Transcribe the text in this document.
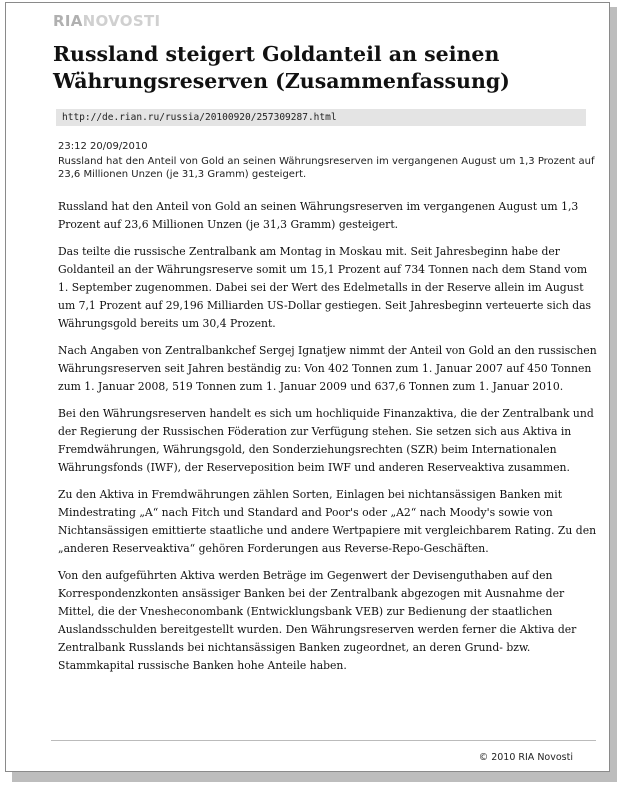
RIANOVOSTI
Russland steigert Goldanteil an seinen Währungsreserven (Zusammenfassung)
http://de.rian.ru/russia/20100920/257309287.html
23:12 20/09/2010

Russland hat den Anteil von Gold an seinen Währungsreserven im vergangenen August um 1,3 Prozent auf 23,6 Millionen Unzen (je 31,3 Gramm) gesteigert.

Russland hat den Anteil von Gold an seinen Währungsreserven im vergangenen August um 1,3 Prozent auf 23,6 Millionen Unzen (je 31,3 Gramm) gesteigert.

Das teilte die russische Zentralbank am Montag in Moskau mit. Seit Jahresbeginn habe der Goldanteil an der Währungsreserve somit um 15,1 Prozent auf 734 Tonnen nach dem Stand vom 1. September zugenommen. Dabei sei der Wert des Edelmetalls in der Reserve allein im August um 7,1 Prozent auf 29,196 Milliarden US-Dollar gestiegen. Seit Jahresbeginn verteuerte sich das Währungsgold bereits um 30,4 Prozent.

Nach Angaben von Zentralbankchef Sergej Ignatjew nimmt der Anteil von Gold an den russischen Währungsreserven seit Jahren beständig zu: Von 402 Tonnen zum 1. Januar 2007 auf 450 Tonnen zum 1. Januar 2008, 519 Tonnen zum 1. Januar 2009 und 637,6 Tonnen zum 1. Januar 2010.

Bei den Währungsreserven handelt es sich um hochliquide Finanzaktiva, die der Zentralbank und der Regierung der Russischen Föderation zur Verfügung stehen. Sie setzen sich aus Aktiva in Fremdwährungen, Währungsgold, den Sonderziehungsrechten (SZR) beim Internationalen Währungsfonds (IWF), der Reserveposition beim IWF und anderen Reserveaktiva zusammen.

Zu den Aktiva in Fremdwährungen zählen Sorten, Einlagen bei nichtansässigen Banken mit Mindestrating „A“ nach Fitch und Standard and Poor's oder „A2“ nach Moody's sowie von Nichtansässigen emittierte staatliche und andere Wertpapiere mit vergleichbarem Rating. Zu den „anderen Reserveaktiva“ gehören Forderungen aus Reverse-Repo-Geschäften.

Von den aufgeführten Aktiva werden Beträge im Gegenwert der Devisenguthaben auf den Korrespondenzkonten ansässiger Banken bei der Zentralbank abgezogen mit Ausnahme der Mittel, die der Vnesheconombank (Entwicklungsbank VEB) zur Bedienung der staatlichen Auslandsschulden bereitgestellt wurden. Den Währungsreserven werden ferner die Aktiva der Zentralbank Russlands bei nichtansässigen Banken zugeordnet, an deren Grund- bzw. Stammkapital russische Banken hohe Anteile haben.

© 2010 RIA Novosti
